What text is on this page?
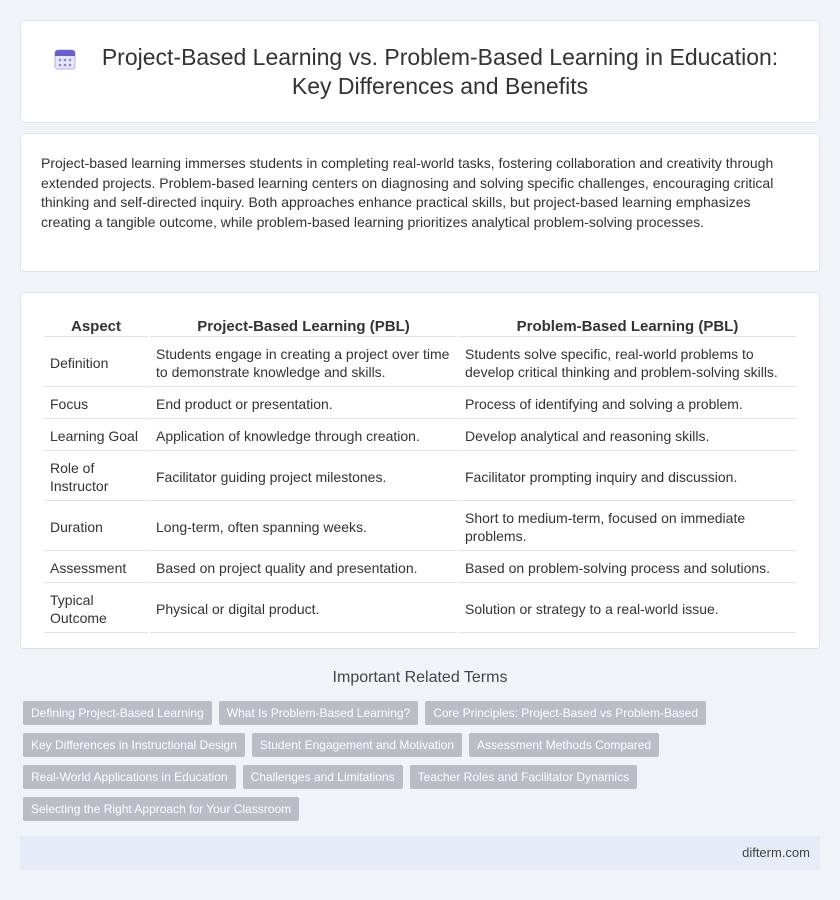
Project-Based Learning vs. Problem-Based Learning in Education: Key Differences and Benefits

Project-based learning immerses students in completing real-world tasks, fostering collaboration and creativity through extended projects. Problem-based learning centers on diagnosing and solving specific challenges, encouraging critical thinking and self-directed inquiry. Both approaches enhance practical skills, but project-based learning emphasizes creating a tangible outcome, while problem-based learning prioritizes analytical problem-solving processes.

Aspect	Project-Based Learning (PBL)	Problem-Based Learning (PBL)
Definition	Students engage in creating a project over time to demonstrate knowledge and skills.	Students solve specific, real-world problems to develop critical thinking and problem-solving skills.
Focus	End product or presentation.	Process of identifying and solving a problem.
Learning Goal	Application of knowledge through creation.	Develop analytical and reasoning skills.
Role of Instructor	Facilitator guiding project milestones.	Facilitator prompting inquiry and discussion.
Duration	Long-term, often spanning weeks.	Short to medium-term, focused on immediate problems.
Assessment	Based on project quality and presentation.	Based on problem-solving process and solutions.
Typical Outcome	Physical or digital product.	Solution or strategy to a real-world issue.
Important Related Terms
Defining Project-Based Learning	What Is Problem-Based Learning?	Core Principles: Project-Based vs Problem-Based
Key Differences in Instructional Design	Student Engagement and Motivation	Assessment Methods Compared
Real-World Applications in Education	Challenges and Limitations	Teacher Roles and Facilitator Dynamics
Selecting the Right Approach for Your Classroom
difterm.com
